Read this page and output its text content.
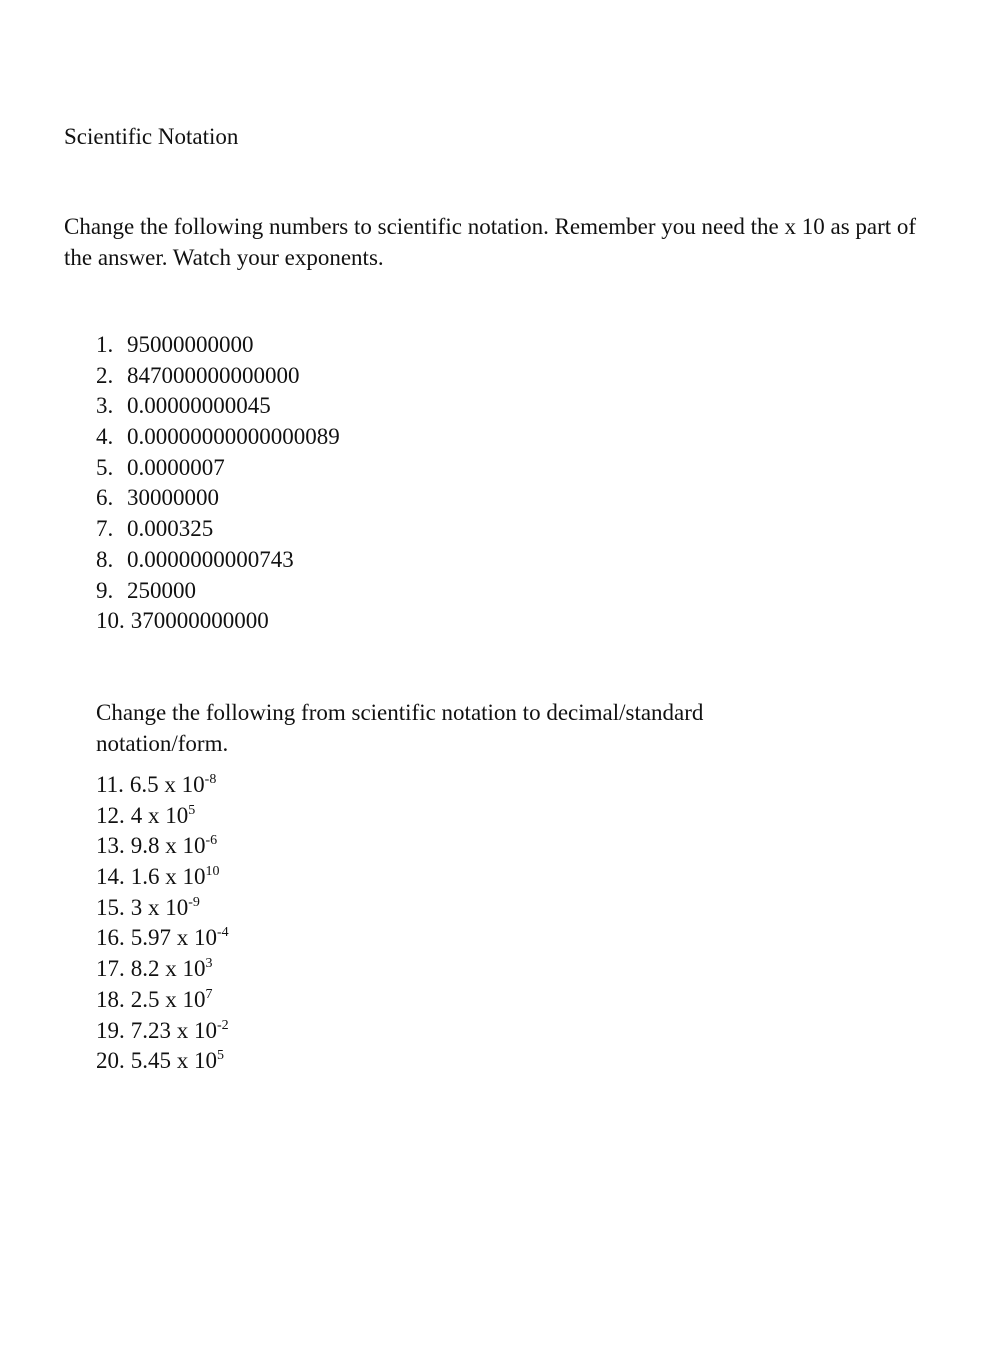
Scientific Notation

Change the following numbers to scientific notation. Remember you need the x 10 as part of the answer. Watch your exponents.

1. 95000000000
2. 847000000000000
3. 0.00000000045
4. 0.00000000000000089
5. 0.0000007
6. 30000000
7. 0.000325
8. 0.0000000000743
9. 250000
10. 370000000000

Change the following from scientific notation to decimal/standard notation/form.

11. 6.5 x $10^{-8}$
12. 4 x $10^5$
13. 9.8 x $10^{-6}$
14. 1.6 x $10^{10}$
15. 3 x $10^{-9}$
16. 5.97 x $10^{-4}$
17. 8.2 x $10^3$
18. 2.5 x $10^7$
19. 7.23 x $10^{-2}$
20. 5.45 x $10^5$
